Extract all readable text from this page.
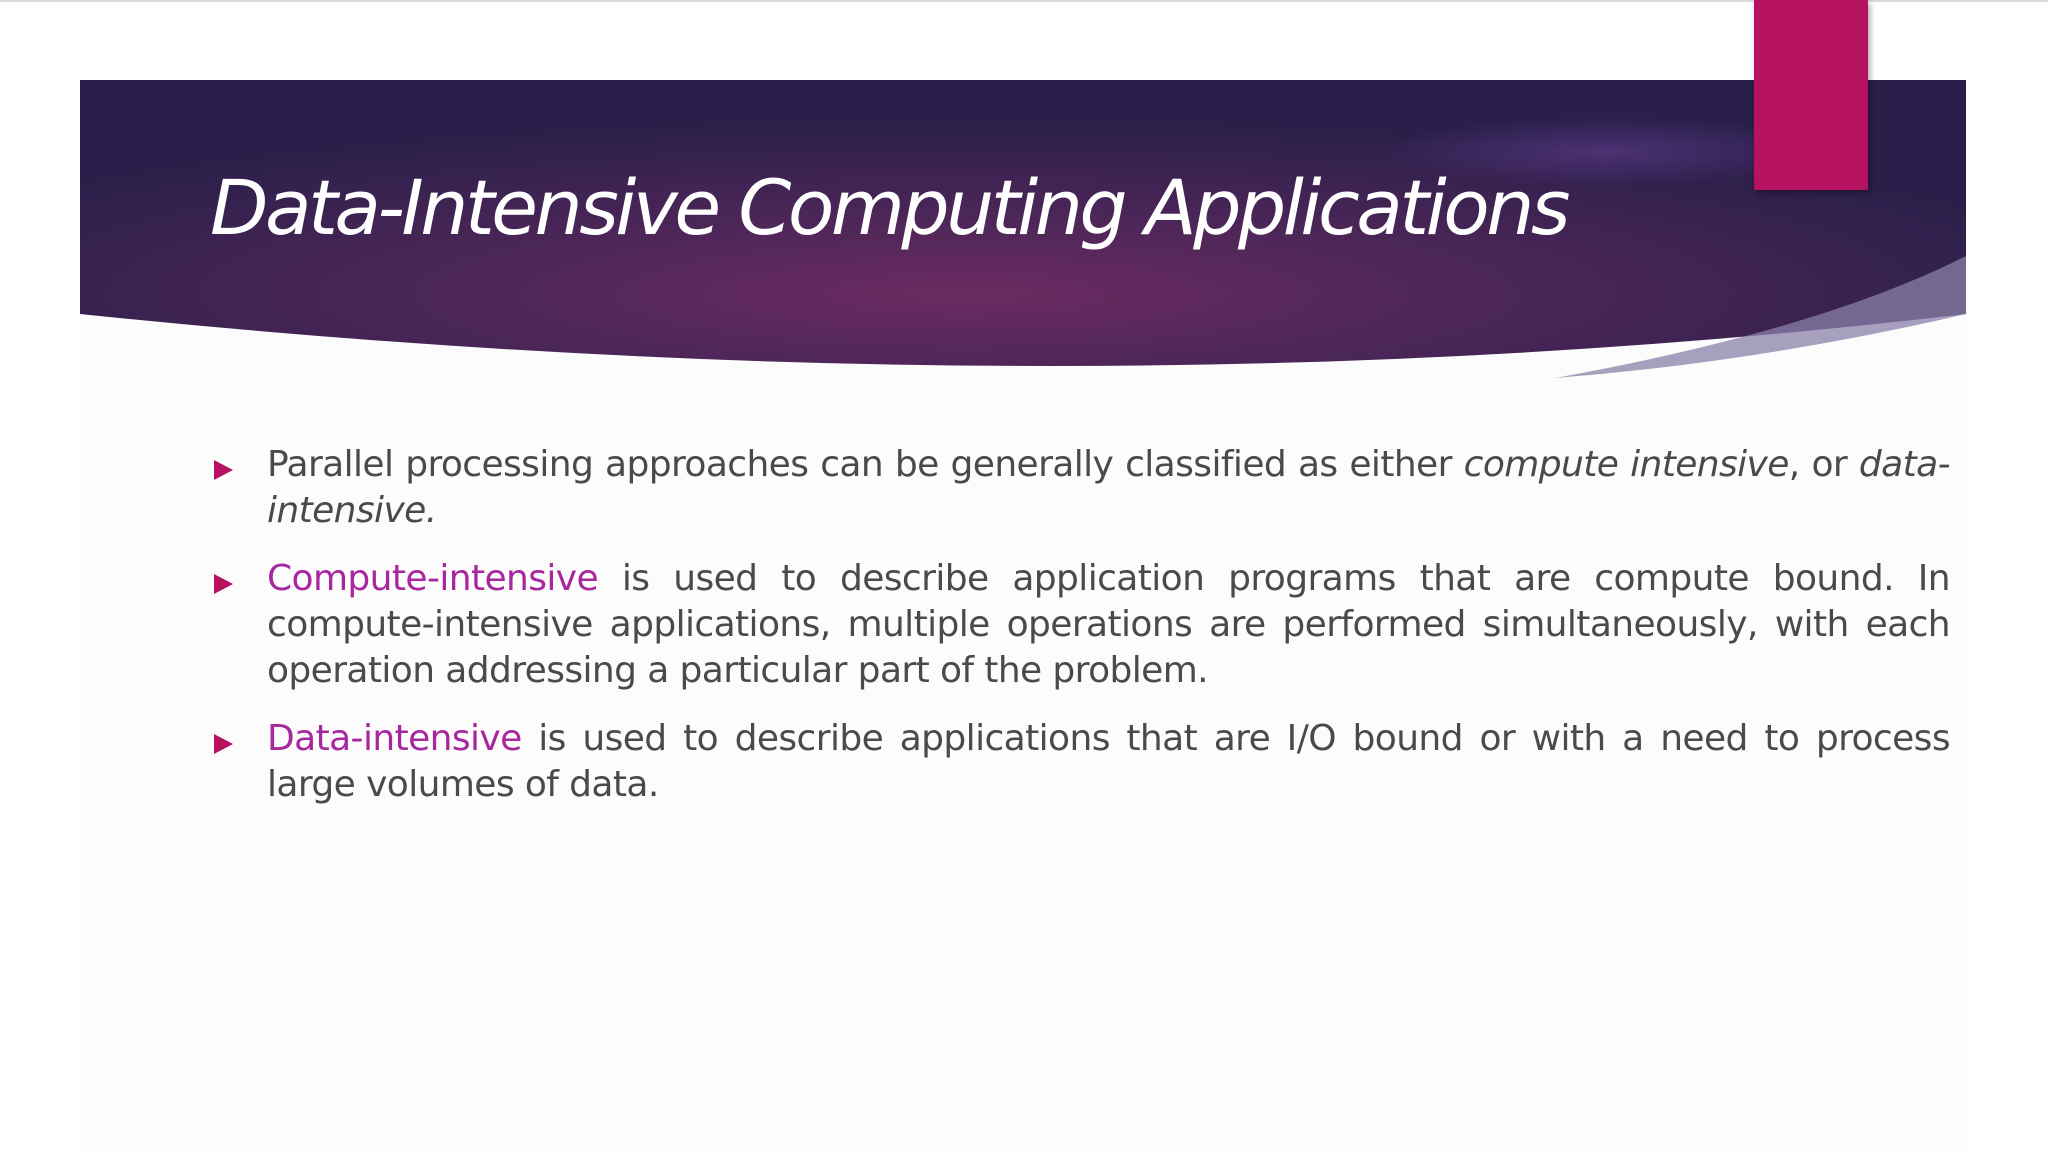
Data-Intensive Computing Applications
Parallel processing approaches can be generally classified as either compute intensive, or data-intensive.
Compute-intensive is used to describe application programs that are compute bound. In compute-intensive applications, multiple operations are performed simultaneously, with each operation addressing a particular part of the problem.
Data-intensive is used to describe applications that are I/O bound or with a need to process large volumes of data.
